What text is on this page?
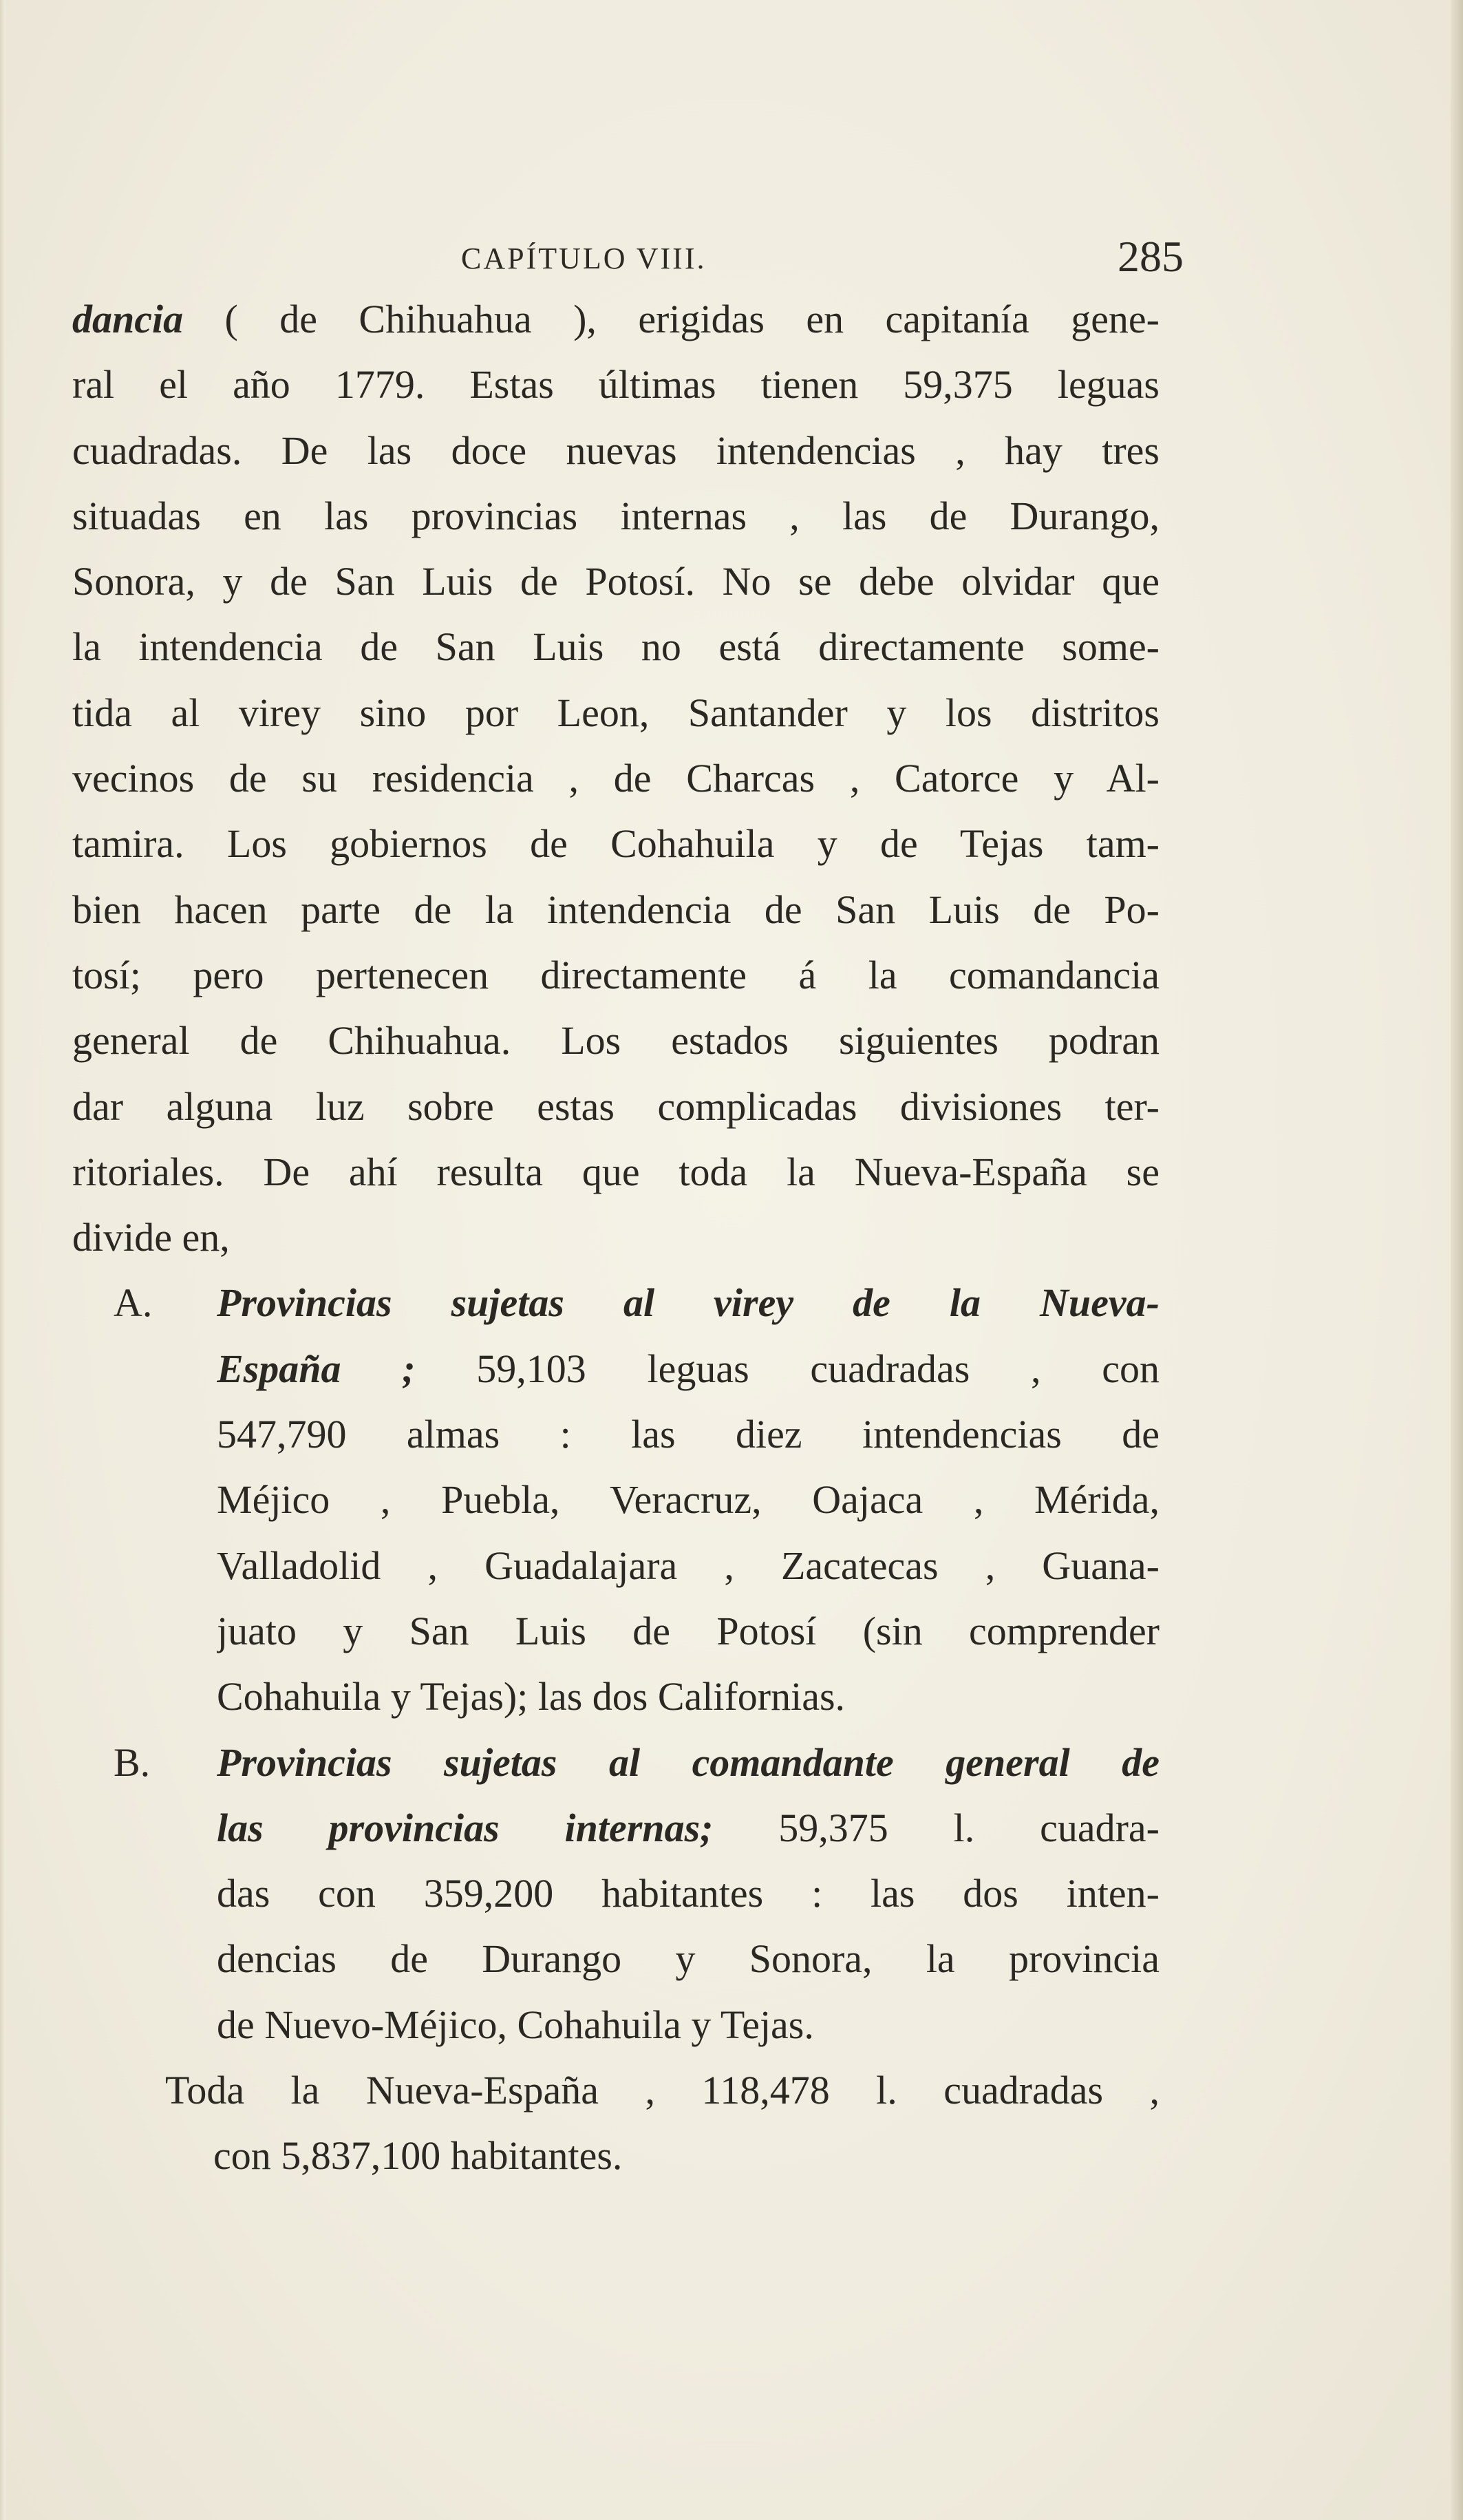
CAPÍTULO VIII.	285
dancia ( de Chihuahua ), erigidas en capitanía gene-
ral el año 1779. Estas últimas tienen 59,375 leguas
cuadradas. De las doce nuevas intendencias , hay tres
situadas en las provincias internas , las de Durango,
Sonora, y de San Luis de Potosí. No se debe olvidar que
la intendencia de San Luis no está directamente some-
tida al virey sino por Leon, Santander y los distritos
vecinos de su residencia , de Charcas , Catorce y Al-
tamira. Los gobiernos de Cohahuila y de Tejas tam-
bien hacen parte de la intendencia de San Luis de Po-
tosí; pero pertenecen directamente á la comandancia
general de Chihuahua. Los estados siguientes podran
dar alguna luz sobre estas complicadas divisiones ter-
ritoriales. De ahí resulta que toda la Nueva-España se
divide en,
A.	Provincias sujetas al virey de la Nueva-
España ; 59,103 leguas cuadradas , con
547,790 almas : las diez intendencias de
Méjico , Puebla, Veracruz, Oajaca , Mérida,
Valladolid , Guadalajara , Zacatecas , Guana-
juato y San Luis de Potosí (sin comprender
Cohahuila y Tejas); las dos Californias.
B.	Provincias sujetas al comandante general de
las provincias internas; 59,375 l. cuadra-
das con 359,200 habitantes : las dos inten-
dencias de Durango y Sonora, la provincia
de Nuevo-Méjico, Cohahuila y Tejas.
Toda la Nueva-España , 118,478 l. cuadradas ,
con 5,837,100 habitantes.
